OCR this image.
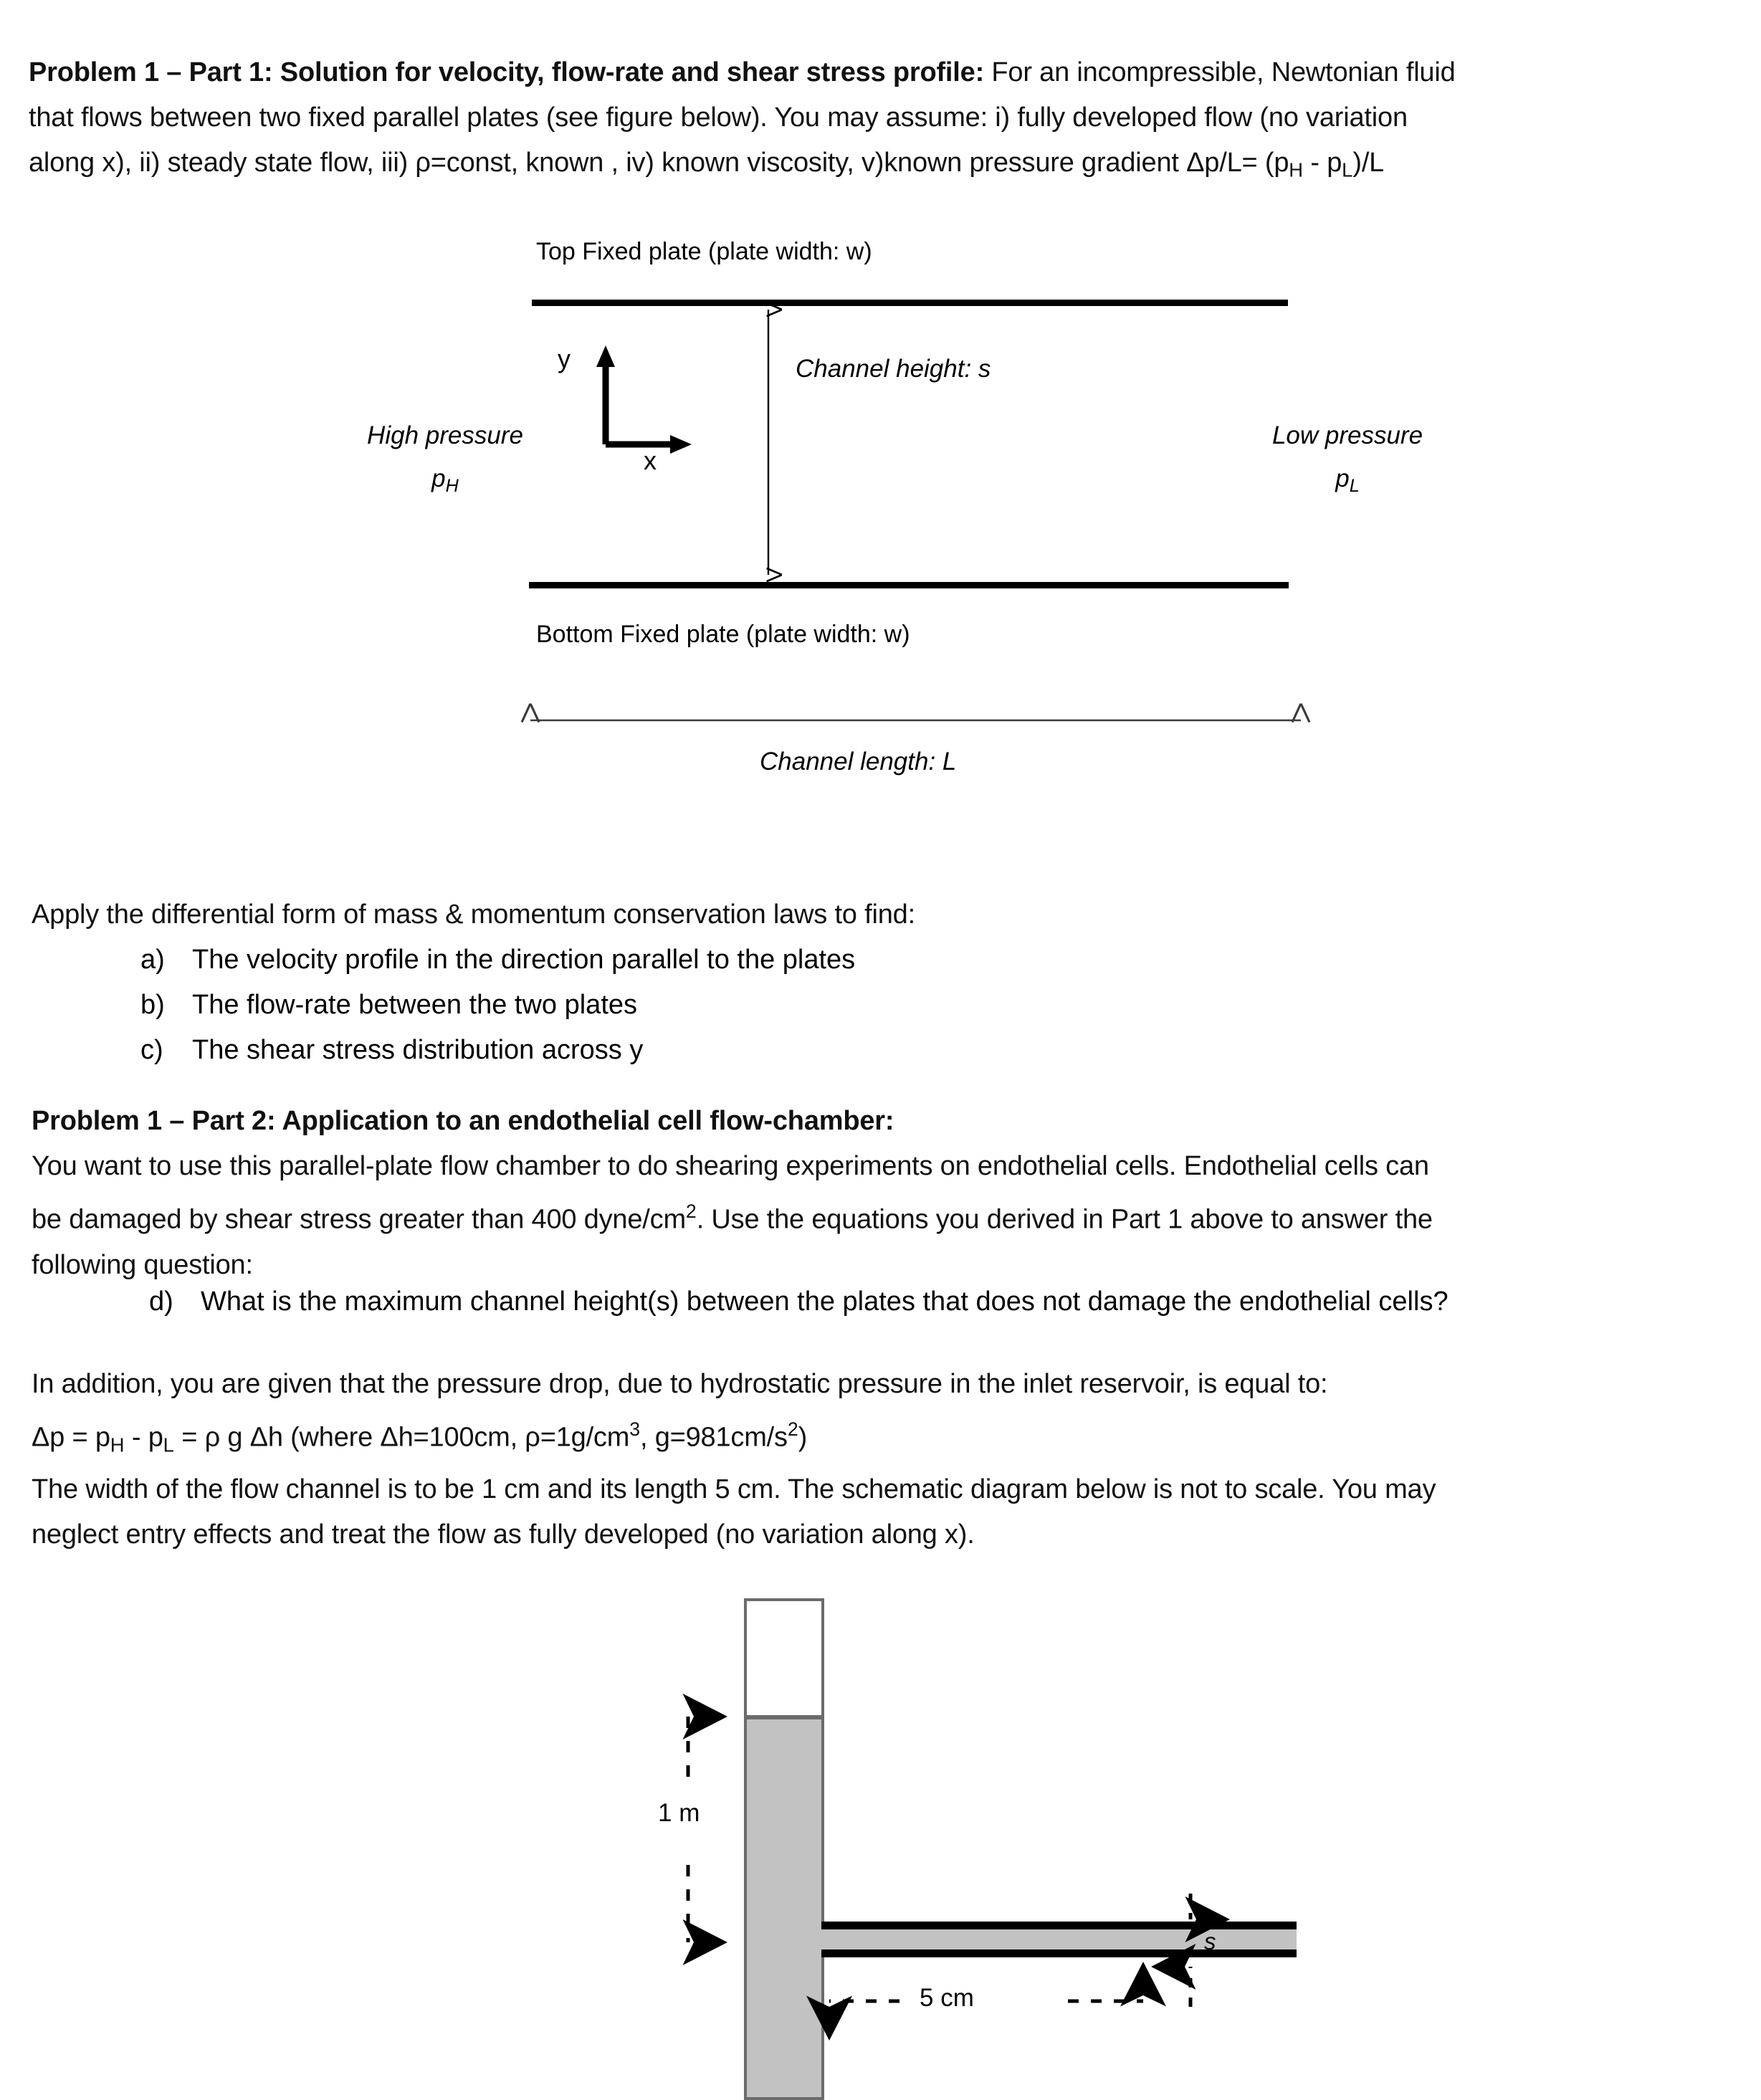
Problem 1 – Part 1: Solution for velocity, flow-rate and shear stress profile: For an incompressible, Newtonian fluid
that flows between two fixed parallel plates (see figure below). You may assume: i) fully developed flow (no variation
along x), ii) steady state flow, iii) ρ=const, known , iv) known viscosity, v)known pressure gradient $\Delta p/L= (p_H - p_L)/L$
Top Fixed plate (plate width: w)
Bottom Fixed plate (plate width: w)
Channel height: s
Channel length: L
y
x
High pressure
$p_H$
Low pressure
$p_L$
Apply the differential form of mass & momentum conservation laws to find:
a)	The velocity profile in the direction parallel to the plates
b)	The flow-rate between the two plates
c)	The shear stress distribution across y
Problem 1 – Part 2: Application to an endothelial cell flow-chamber:
You want to use this parallel-plate flow chamber to do shearing experiments on endothelial cells. Endothelial cells can
be damaged by shear stress greater than 400 dyne/$cm^2$. Use the equations you derived in Part 1 above to answer the
following question:
d)	What is the maximum channel height(s) between the plates that does not damage the endothelial cells?
In addition, you are given that the pressure drop, due to hydrostatic pressure in the inlet reservoir, is equal to:
$\Delta p = p_H - p_L = \rho$ g Δh (where Δh=100cm, $\rho=1g/cm^3$, $g=981cm/s^2$)
The width of the flow channel is to be 1 cm and its length 5 cm. The schematic diagram below is not to scale. You may
neglect entry effects and treat the flow as fully developed (no variation along x).
1 m
5 cm
s
